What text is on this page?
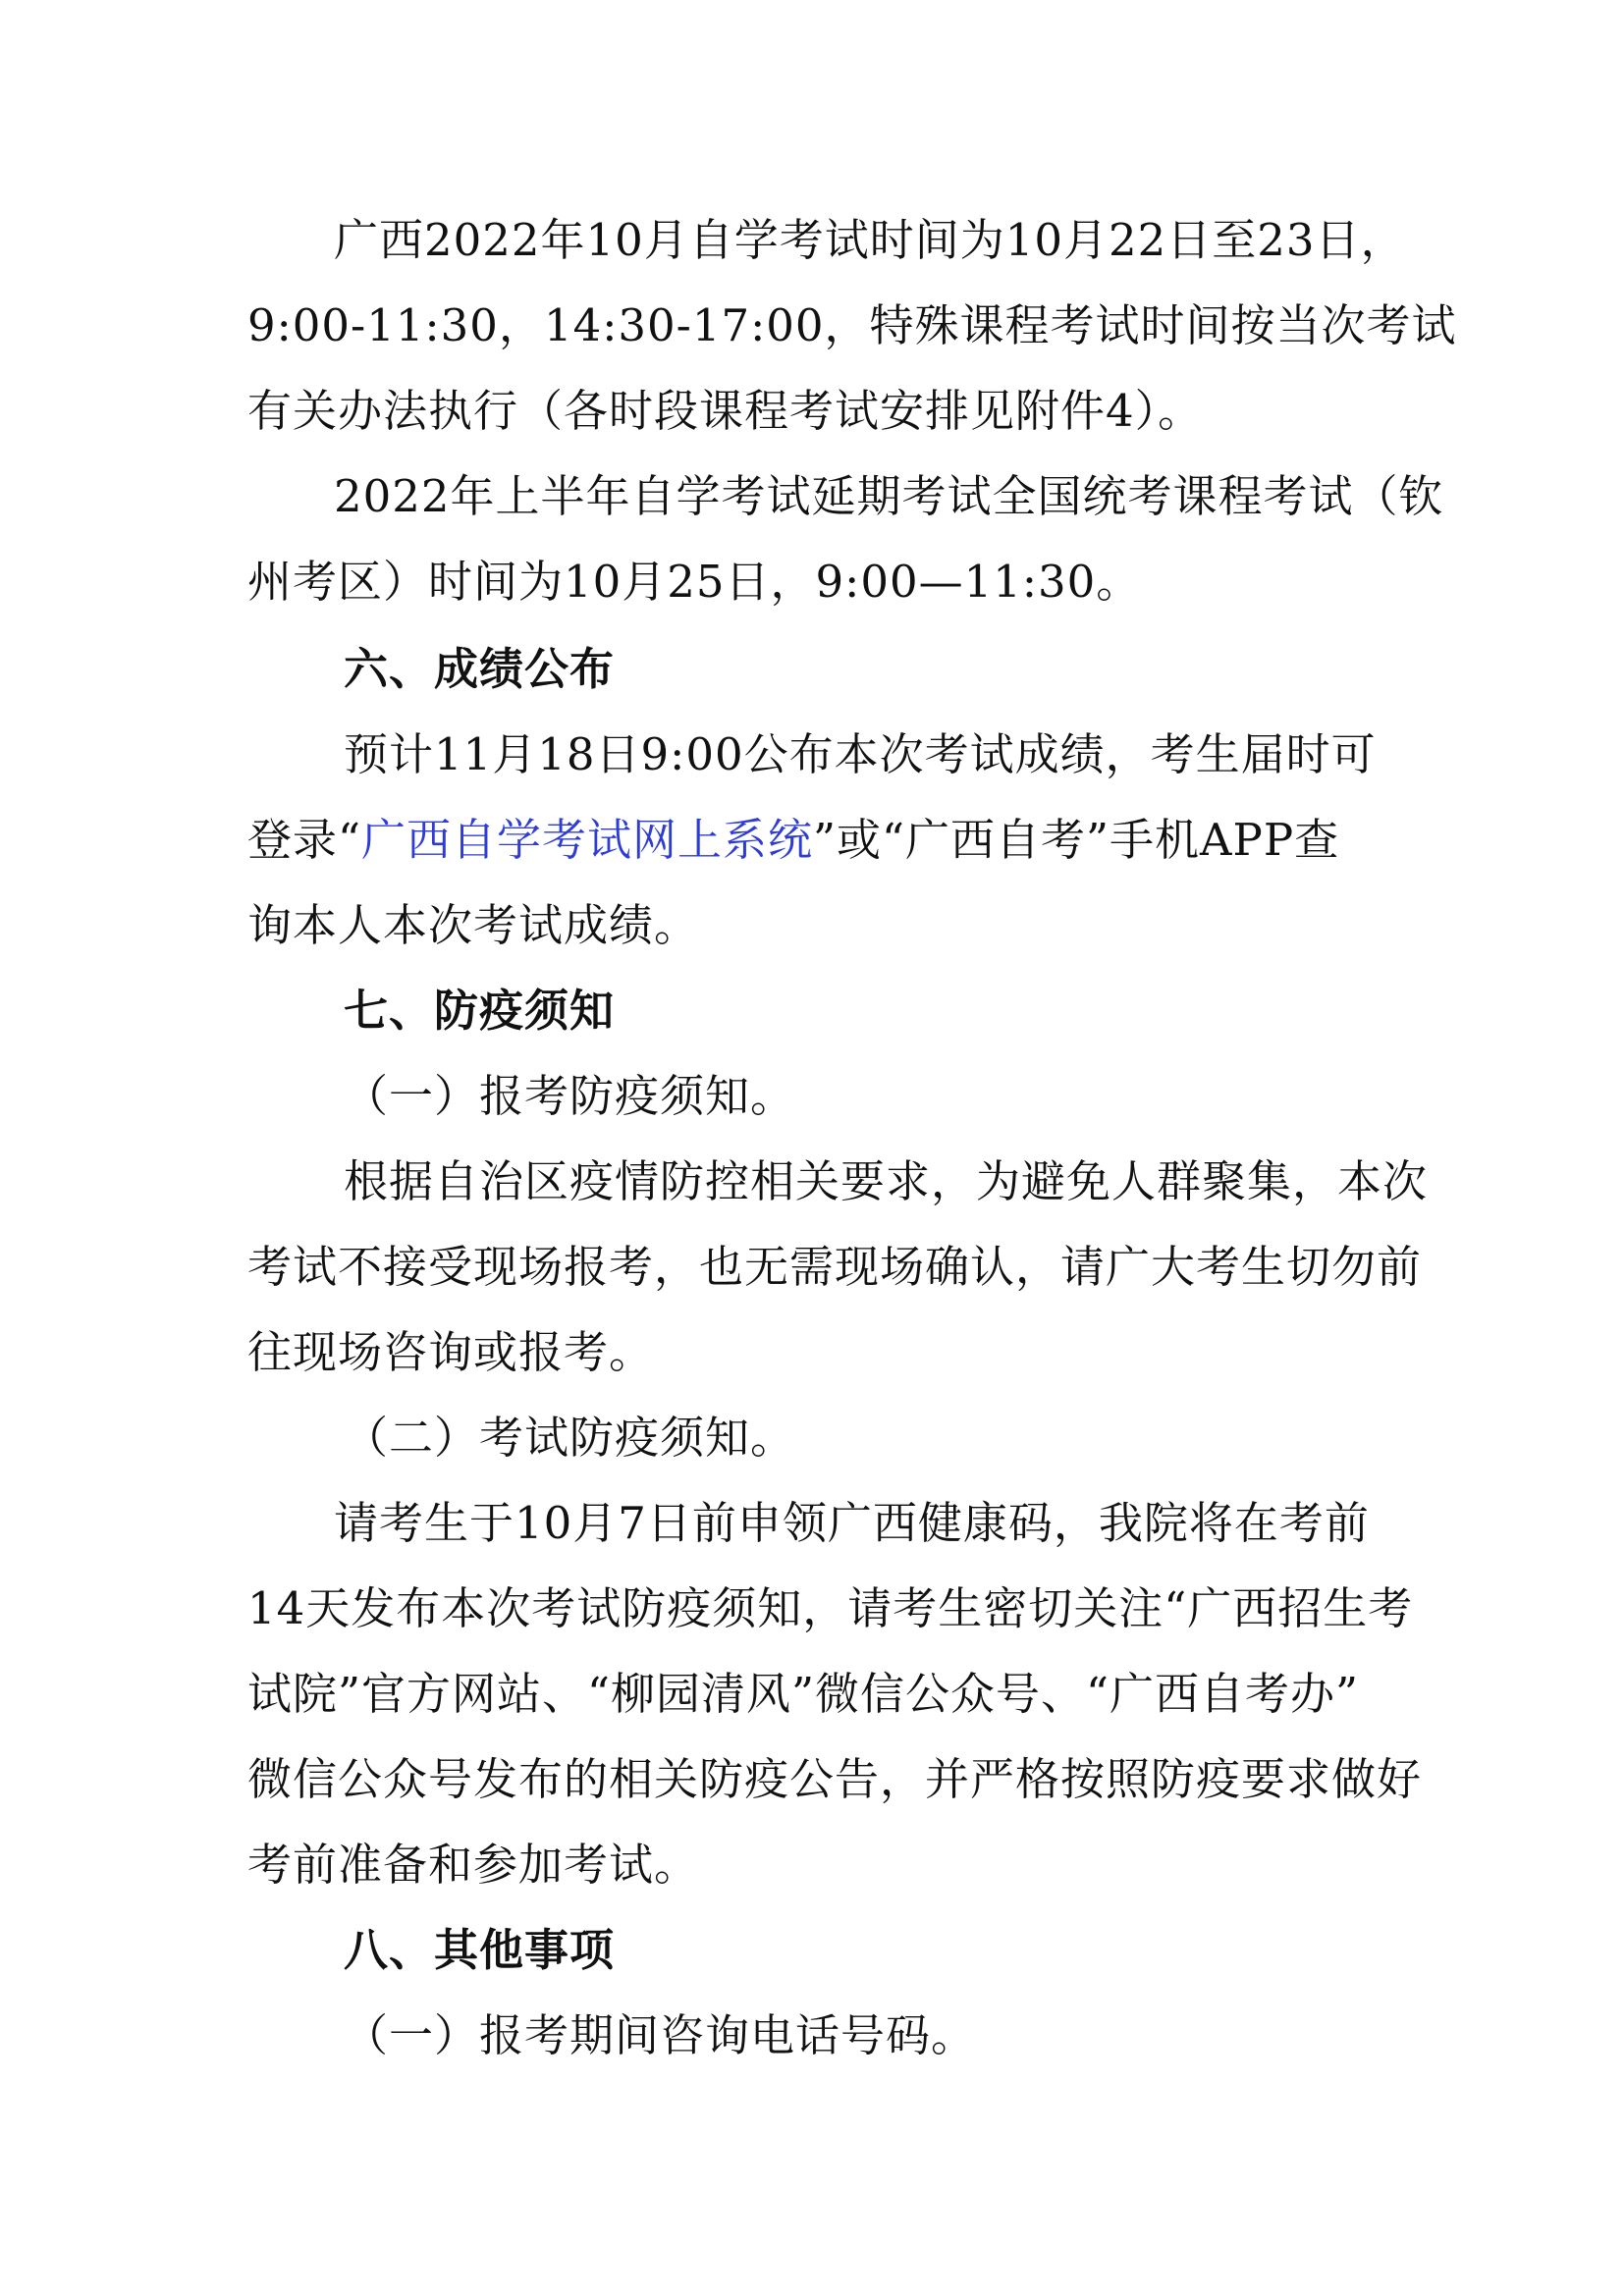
广西2022年10月自学考试时间为10月22日至23日，

9:00-11:30，14:30-17:00，特殊课程考试时间按当次考试

有关办法执行（各时段课程考试安排见附件4）。

2022年上半年自学考试延期考试全国统考课程考试（钦

州考区）时间为10月25日，9:00—11:30。

六、成绩公布

预计11月18日9:00公布本次考试成绩，考生届时可

登录“广西自学考试网上系统”或“广西自考”手机APP查

询本人本次考试成绩。

七、防疫须知

（一）报考防疫须知。

根据自治区疫情防控相关要求，为避免人群聚集，本次

考试不接受现场报考，也无需现场确认，请广大考生切勿前

往现场咨询或报考。

（二）考试防疫须知。

请考生于10月7日前申领广西健康码，我院将在考前

14天发布本次考试防疫须知，请考生密切关注“广西招生考

试院”官方网站、“柳园清风”微信公众号、“广西自考办”

微信公众号发布的相关防疫公告，并严格按照防疫要求做好

考前准备和参加考试。

八、其他事项

（一）报考期间咨询电话号码。
